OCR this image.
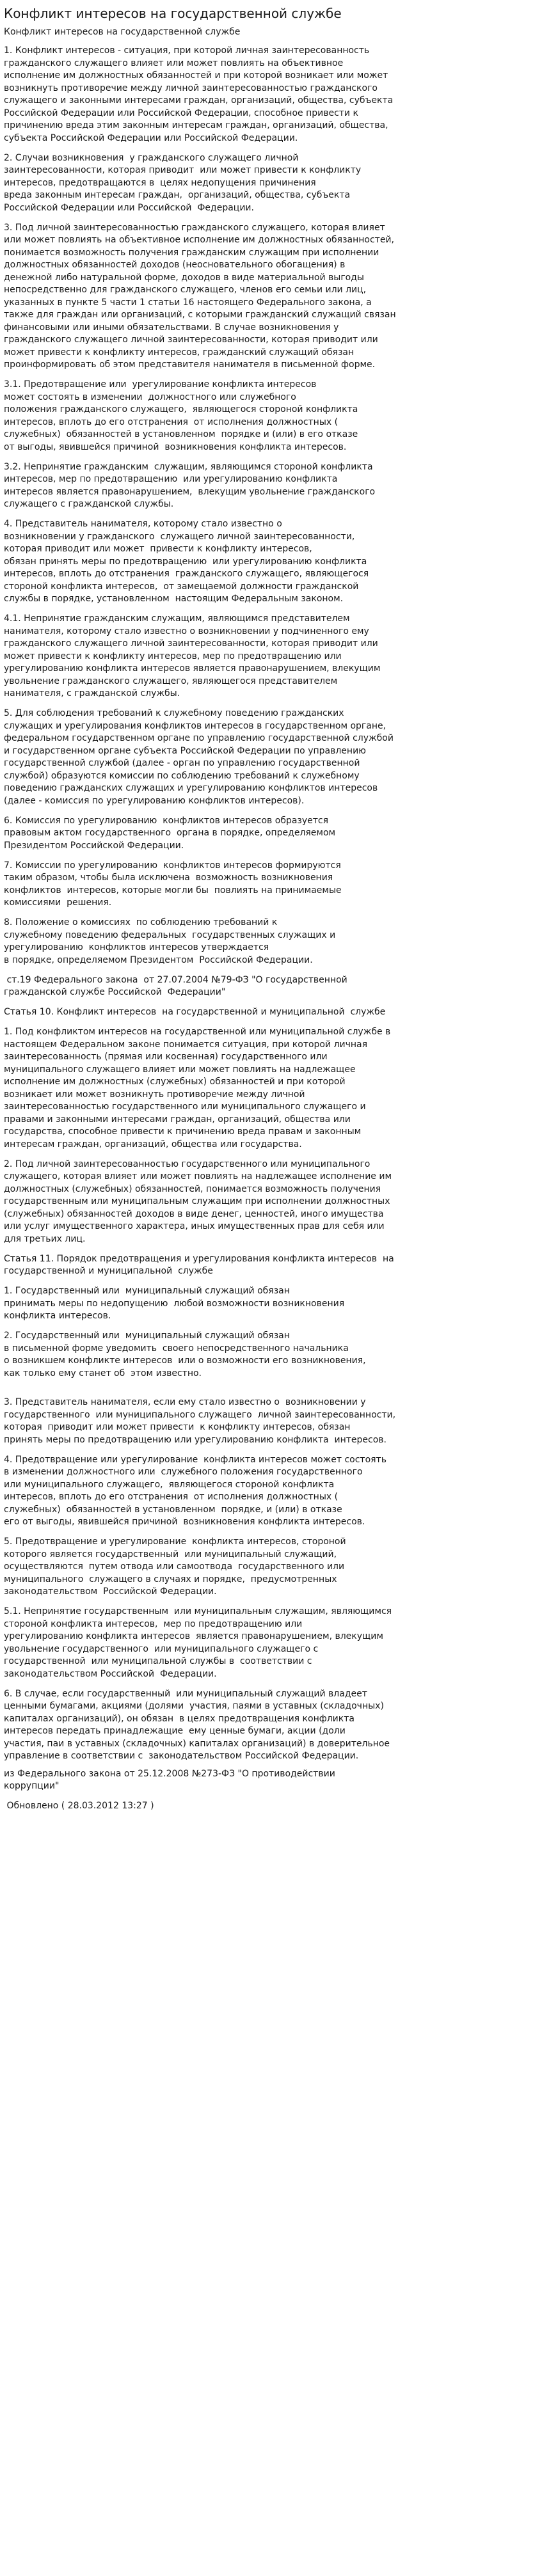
Конфликт интересов на государственной службе
Конфликт интересов на государственной службе
1. Конфликт интересов - ситуация, при которой личная заинтересованность
гражданского служащего влияет или может повлиять на объективное
исполнение им должностных обязанностей и при которой возникает или может
возникнуть противоречие между личной заинтересованностью гражданского
служащего и законными интересами граждан, организаций, общества, субъекта
Российской Федерации или Российской Федерации, способное привести к
причинению вреда этим законным интересам граждан, организаций, общества,
субъекта Российской Федерации или Российской Федерации.
2. Случаи возникновения  у гражданского служащего личной
заинтересованности, которая приводит  или может привести к конфликту
интересов, предотвращаются в  целях недопущения причинения
вреда законным интересам граждан,  организаций, общества, субъекта
Российской Федерации или Российской  Федерации.
3. Под личной заинтересованностью гражданского служащего, которая влияет
или может повлиять на объективное исполнение им должностных обязанностей,
понимается возможность получения гражданским служащим при исполнении
должностных обязанностей доходов (неосновательного обогащения) в
денежной либо натуральной форме, доходов в виде материальной выгоды
непосредственно для гражданского служащего, членов его семьи или лиц,
указанных в пункте 5 части 1 статьи 16 настоящего Федерального закона, а
также для граждан или организаций, с которыми гражданский служащий связан
финансовыми или иными обязательствами. В случае возникновения у
гражданского служащего личной заинтересованности, которая приводит или
может привести к конфликту интересов, гражданский служащий обязан
проинформировать об этом представителя нанимателя в письменной форме.
3.1. Предотвращение или  урегулирование конфликта интересов
может состоять в изменении  должностного или служебного
положения гражданского служащего,  являющегося стороной конфликта
интересов, вплоть до его отстранения  от исполнения должностных (
служебных)  обязанностей в установленном  порядке и (или) в его отказе
от выгоды, явившейся причиной  возникновения конфликта интересов.
3.2. Непринятие гражданским  служащим, являющимся стороной конфликта
интересов, мер по предотвращению  или урегулированию конфликта
интересов является правонарушением,  влекущим увольнение гражданского
служащего с гражданской службы.
4. Представитель нанимателя, которому стало известно о
возникновении у гражданского  служащего личной заинтересованности,
которая приводит или может  привести к конфликту интересов,
обязан принять меры по предотвращению  или урегулированию конфликта
интересов, вплоть до отстранения  гражданского служащего, являющегося
стороной конфликта интересов,  от замещаемой должности гражданской
службы в порядке, установленном  настоящим Федеральным законом.
4.1. Непринятие гражданским служащим, являющимся представителем
нанимателя, которому стало известно о возникновении у подчиненного ему
гражданского служащего личной заинтересованности, которая приводит или
может привести к конфликту интересов, мер по предотвращению или
урегулированию конфликта интересов является правонарушением, влекущим
увольнение гражданского служащего, являющегося представителем
нанимателя, с гражданской службы.
5. Для соблюдения требований к служебному поведению гражданских
служащих и урегулирования конфликтов интересов в государственном органе,
федеральном государственном органе по управлению государственной службой
и государственном органе субъекта Российской Федерации по управлению
государственной службой (далее - орган по управлению государственной
службой) образуются комиссии по соблюдению требований к служебному
поведению гражданских служащих и урегулированию конфликтов интересов
(далее - комиссия по урегулированию конфликтов интересов).
6. Комиссия по урегулированию  конфликтов интересов образуется
правовым актом государственного  органа в порядке, определяемом
Президентом Российской Федерации.
7. Комиссии по урегулированию  конфликтов интересов формируются
таким образом, чтобы была исключена  возможность возникновения
конфликтов  интересов, которые могли бы  повлиять на принимаемые
комиссиями  решения.
8. Положение о комиссиях  по соблюдению требований к
служебному поведению федеральных  государственных служащих и
урегулированию  конфликтов интересов утверждается
в порядке, определяемом Президентом  Российской Федерации.
ст.19 Федерального закона  от 27.07.2004 №79-ФЗ "О государственной
гражданской службе Российской  Федерации"
Статья 10. Конфликт интересов  на государственной и муниципальной  службе
1. Под конфликтом интересов на государственной или муниципальной службе в
настоящем Федеральном законе понимается ситуация, при которой личная
заинтересованность (прямая или косвенная) государственного или
муниципального служащего влияет или может повлиять на надлежащее
исполнение им должностных (служебных) обязанностей и при которой
возникает или может возникнуть противоречие между личной
заинтересованностью государственного или муниципального служащего и
правами и законными интересами граждан, организаций, общества или
государства, способное привести к причинению вреда правам и законным
интересам граждан, организаций, общества или государства.
2. Под личной заинтересованностью государственного или муниципального
служащего, которая влияет или может повлиять на надлежащее исполнение им
должностных (служебных) обязанностей, понимается возможность получения
государственным или муниципальным служащим при исполнении должностных
(служебных) обязанностей доходов в виде денег, ценностей, иного имущества
или услуг имущественного характера, иных имущественных прав для себя или
для третьих лиц.
Статья 11. Порядок предотвращения и урегулирования конфликта интересов  на
государственной и муниципальной  службе
1. Государственный или  муниципальный служащий обязан
принимать меры по недопущению  любой возможности возникновения
конфликта интересов.
2. Государственный или  муниципальный служащий обязан
в письменной форме уведомить  своего непосредственного начальника
о возникшем конфликте интересов  или о возможности его возникновения,
как только ему станет об  этом известно.
3. Представитель нанимателя, если ему стало известно о  возникновении у
государственного  или муниципального служащего  личной заинтересованности,
которая  приводит или может привести  к конфликту интересов, обязан
принять меры по предотвращению или урегулированию конфликта  интересов.
4. Предотвращение или урегулирование  конфликта интересов может состоять
в изменении должностного или  служебного положения государственного
или муниципального служащего,  являющегося стороной конфликта
интересов, вплоть до его отстранения  от исполнения должностных (
служебных)  обязанностей в установленном  порядке, и (или) в отказе
его от выгоды, явившейся причиной  возникновения конфликта интересов.
5. Предотвращение и урегулирование  конфликта интересов, стороной
которого является государственный  или муниципальный служащий,
осуществляются  путем отвода или самоотвода  государственного или
муниципального  служащего в случаях и порядке,  предусмотренных
законодательством  Российской Федерации.
5.1. Непринятие государственным  или муниципальным служащим, являющимся
стороной конфликта интересов,  мер по предотвращению или
урегулированию конфликта интересов  является правонарушением, влекущим
увольнение государственного  или муниципального служащего с
государственной  или муниципальной службы в  соответствии с
законодательством Российской  Федерации.
6. В случае, если государственный  или муниципальный служащий владеет
ценными бумагами, акциями (долями  участия, паями в уставных (складочных)
капиталах организаций), он обязан  в целях предотвращения конфликта
интересов передать принадлежащие  ему ценные бумаги, акции (доли
участия, паи в уставных (складочных) капиталах организаций) в доверительное
управление в соответствии с  законодательством Российской Федерации.
из Федерального закона от 25.12.2008 №273-ФЗ "О противодействии
коррупции"
Обновлено ( 28.03.2012 13:27 )
